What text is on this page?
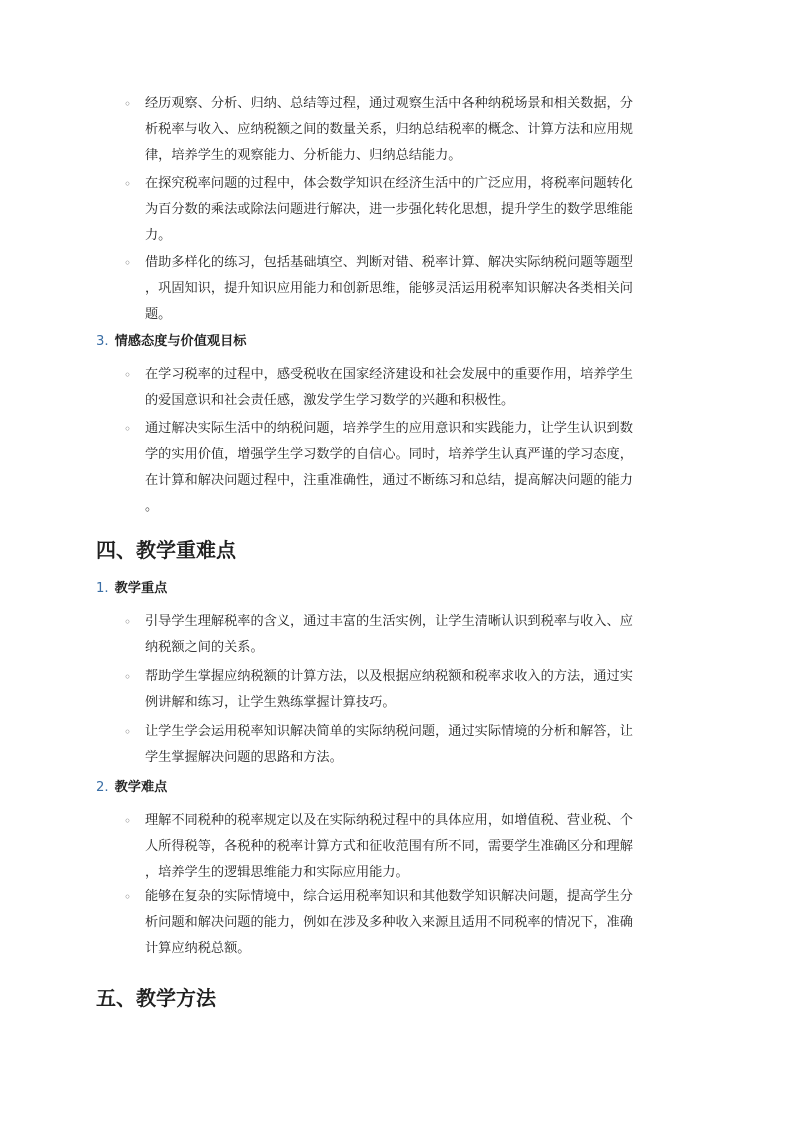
◦ 经历观察、分析、归纳、总结等过程，通过观察生活中各种纳税场景和相关数据，分
析税率与收入、应纳税额之间的数量关系，归纳总结税率的概念、计算方法和应用规
律，培养学生的观察能力、分析能力、归纳总结能力。
◦ 在探究税率问题的过程中，体会数学知识在经济生活中的广泛应用，将税率问题转化
为百分数的乘法或除法问题进行解决，进一步强化转化思想，提升学生的数学思维能
力。
◦ 借助多样化的练习，包括基础填空、判断对错、税率计算、解决实际纳税问题等题型
，巩固知识，提升知识应用能力和创新思维，能够灵活运用税率知识解决各类相关问
题。
3. 情感态度与价值观目标
◦ 在学习税率的过程中，感受税收在国家经济建设和社会发展中的重要作用，培养学生
的爱国意识和社会责任感，激发学生学习数学的兴趣和积极性。
◦ 通过解决实际生活中的纳税问题，培养学生的应用意识和实践能力，让学生认识到数
学的实用价值，增强学生学习数学的自信心。同时，培养学生认真严谨的学习态度，
在计算和解决问题过程中，注重准确性，通过不断练习和总结，提高解决问题的能力
。
四、教学重难点
1. 教学重点
◦ 引导学生理解税率的含义，通过丰富的生活实例，让学生清晰认识到税率与收入、应
纳税额之间的关系。
◦ 帮助学生掌握应纳税额的计算方法，以及根据应纳税额和税率求收入的方法，通过实
例讲解和练习，让学生熟练掌握计算技巧。
◦ 让学生学会运用税率知识解决简单的实际纳税问题，通过实际情境的分析和解答，让
学生掌握解决问题的思路和方法。
2. 教学难点
◦ 理解不同税种的税率规定以及在实际纳税过程中的具体应用，如增值税、营业税、个
人所得税等，各税种的税率计算方式和征收范围有所不同，需要学生准确区分和理解
，培养学生的逻辑思维能力和实际应用能力。
◦ 能够在复杂的实际情境中，综合运用税率知识和其他数学知识解决问题，提高学生分
析问题和解决问题的能力，例如在涉及多种收入来源且适用不同税率的情况下，准确
计算应纳税总额。
五、教学方法
